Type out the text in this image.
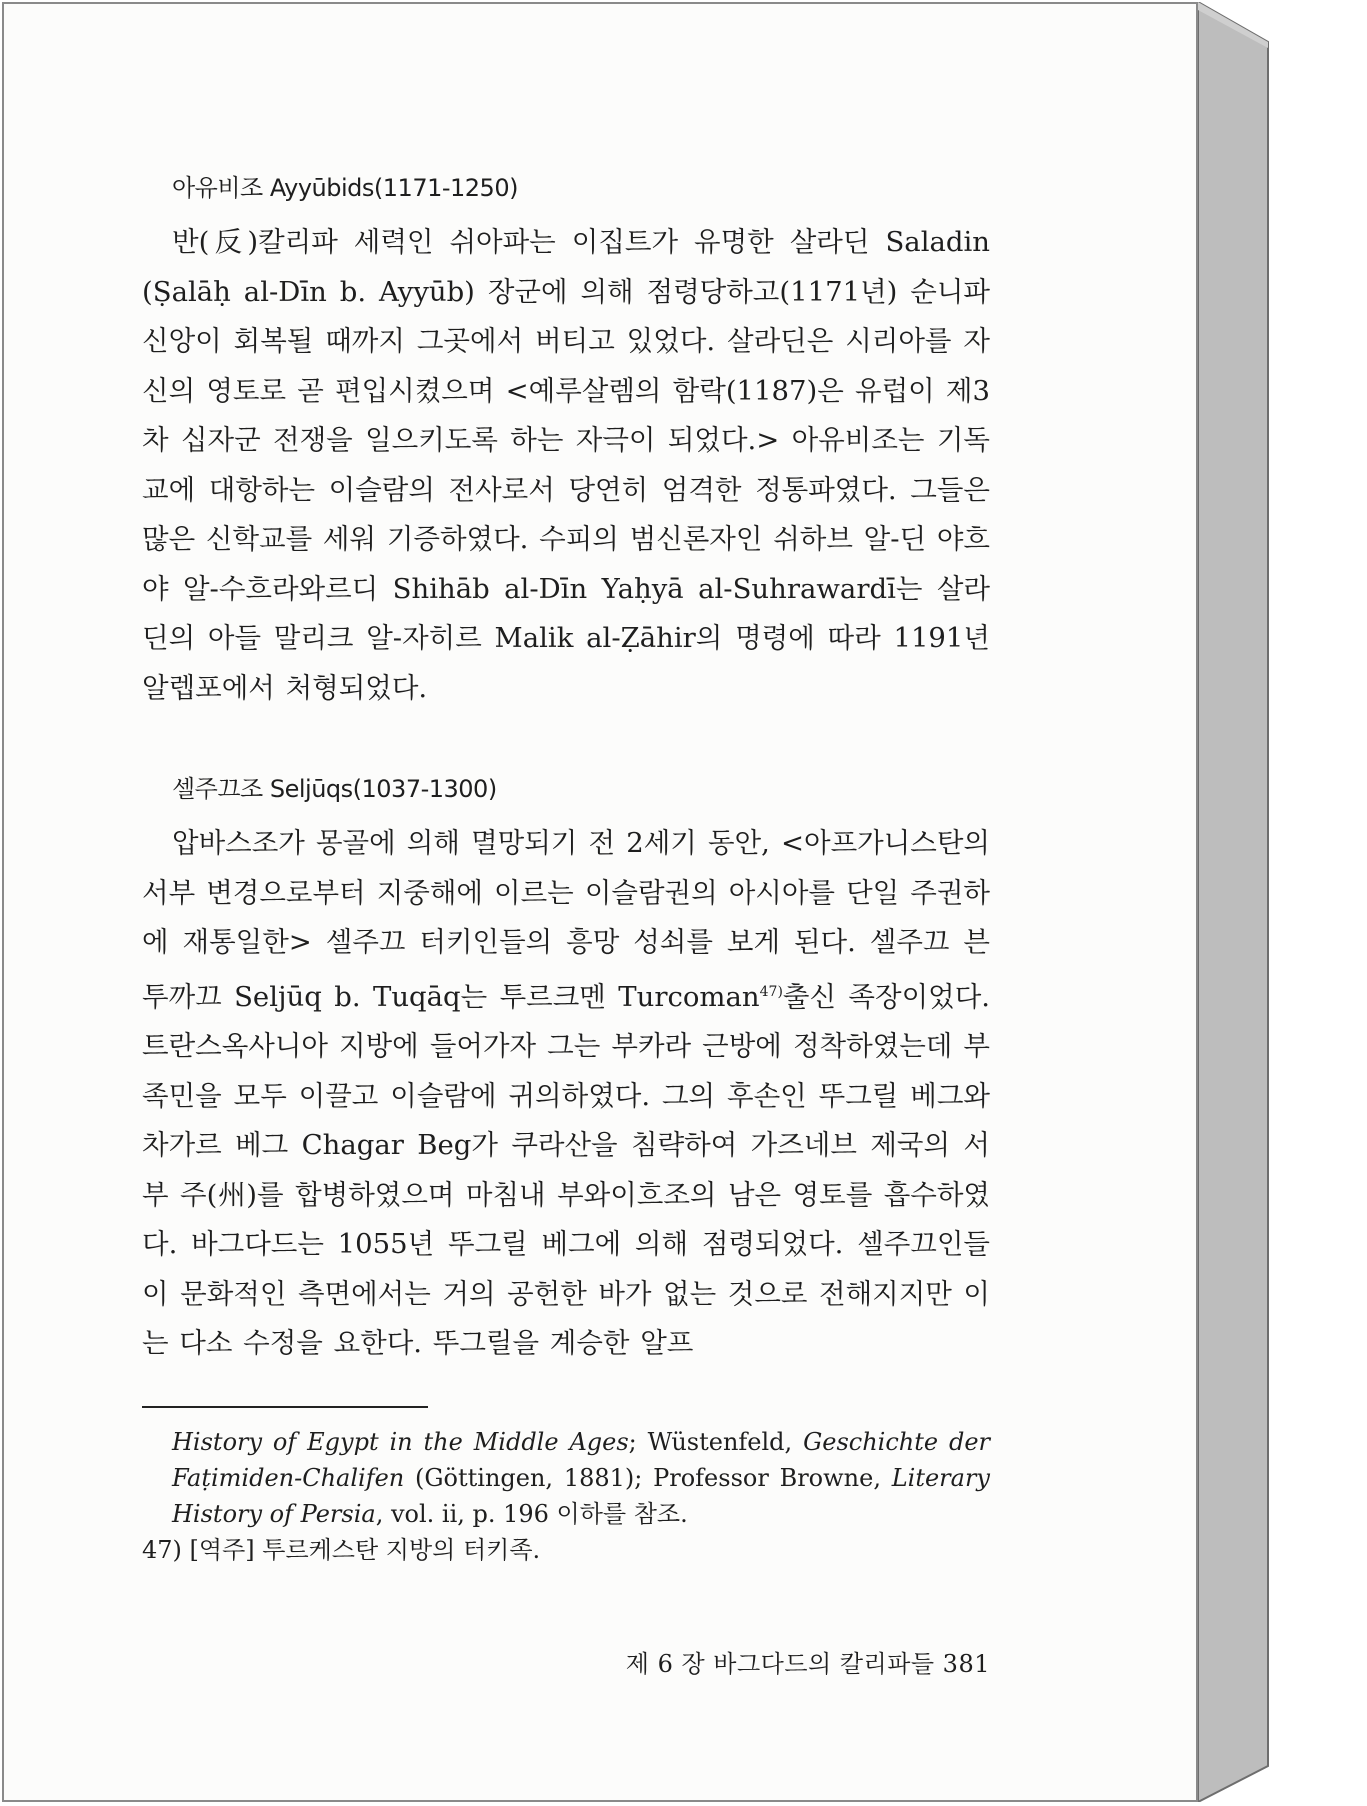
아유비조 Ayyūbids(1171-1250)

반(反)칼리파 세력인 쉬아파는 이집트가 유명한 살라딘 Saladin (Ṣalāḥ al-Dīn b. Ayyūb) 장군에 의해 점령당하고(1171년) 순니파 신앙이 회복될 때까지 그곳에서 버티고 있었다. 살라딘은 시리아를 자신의 영토로 곧 편입시켰으며 <예루살렘의 함락(1187)은 유럽이 제3차 십자군 전쟁을 일으키도록 하는 자극이 되었다.> 아유비조는 기독교에 대항하는 이슬람의 전사로서 당연히 엄격한 정통파였다. 그들은 많은 신학교를 세워 기증하였다. 수피의 범신론자인 쉬하브 알-딘 야흐야 알-수흐라와르디 Shihāb al-Dīn Yaḥyā al-Suhrawardī는 살라딘의 아들 말리크 알-자히르 Malik al-Ẓāhir의 명령에 따라 1191년 알렙포에서 처형되었다.

셀주끄조 Seljūqs(1037-1300)

압바스조가 몽골에 의해 멸망되기 전 2세기 동안, <아프가니스탄의 서부 변경으로부터 지중해에 이르는 이슬람권의 아시아를 단일 주권하에 재통일한> 셀주끄 터키인들의 흥망 성쇠를 보게 된다. 셀주끄 븐 투까끄 Seljūq b. Tuqāq는 투르크멘 Turcoman$^{47)}$출신 족장이었다. 트란스옥사니아 지방에 들어가자 그는 부카라 근방에 정착하였는데 부족민을 모두 이끌고 이슬람에 귀의하였다. 그의 후손인 뚜그릴 베그와 차가르 베그 Chagar Beg가 쿠라산을 침략하여 가즈네브 제국의 서부 주(州)를 합병하였으며 마침내 부와이흐조의 남은 영토를 흡수하였다. 바그다드는 1055년 뚜그릴 베그에 의해 점령되었다. 셀주끄인들이 문화적인 측면에서는 거의 공헌한 바가 없는 것으로 전해지지만 이는 다소 수정을 요한다. 뚜그릴을 계승한 알프

History of Egypt in the Middle Ages; Wüstenfeld, Geschichte der Faṭimiden-Chalifen (Göttingen, 1881); Professor Browne, Literary History of Persia, vol. ii, p. 196 이하를 참조.

47) [역주] 투르케스탄 지방의 터키족.

제 6 장 바그다드의 칼리파들 381
